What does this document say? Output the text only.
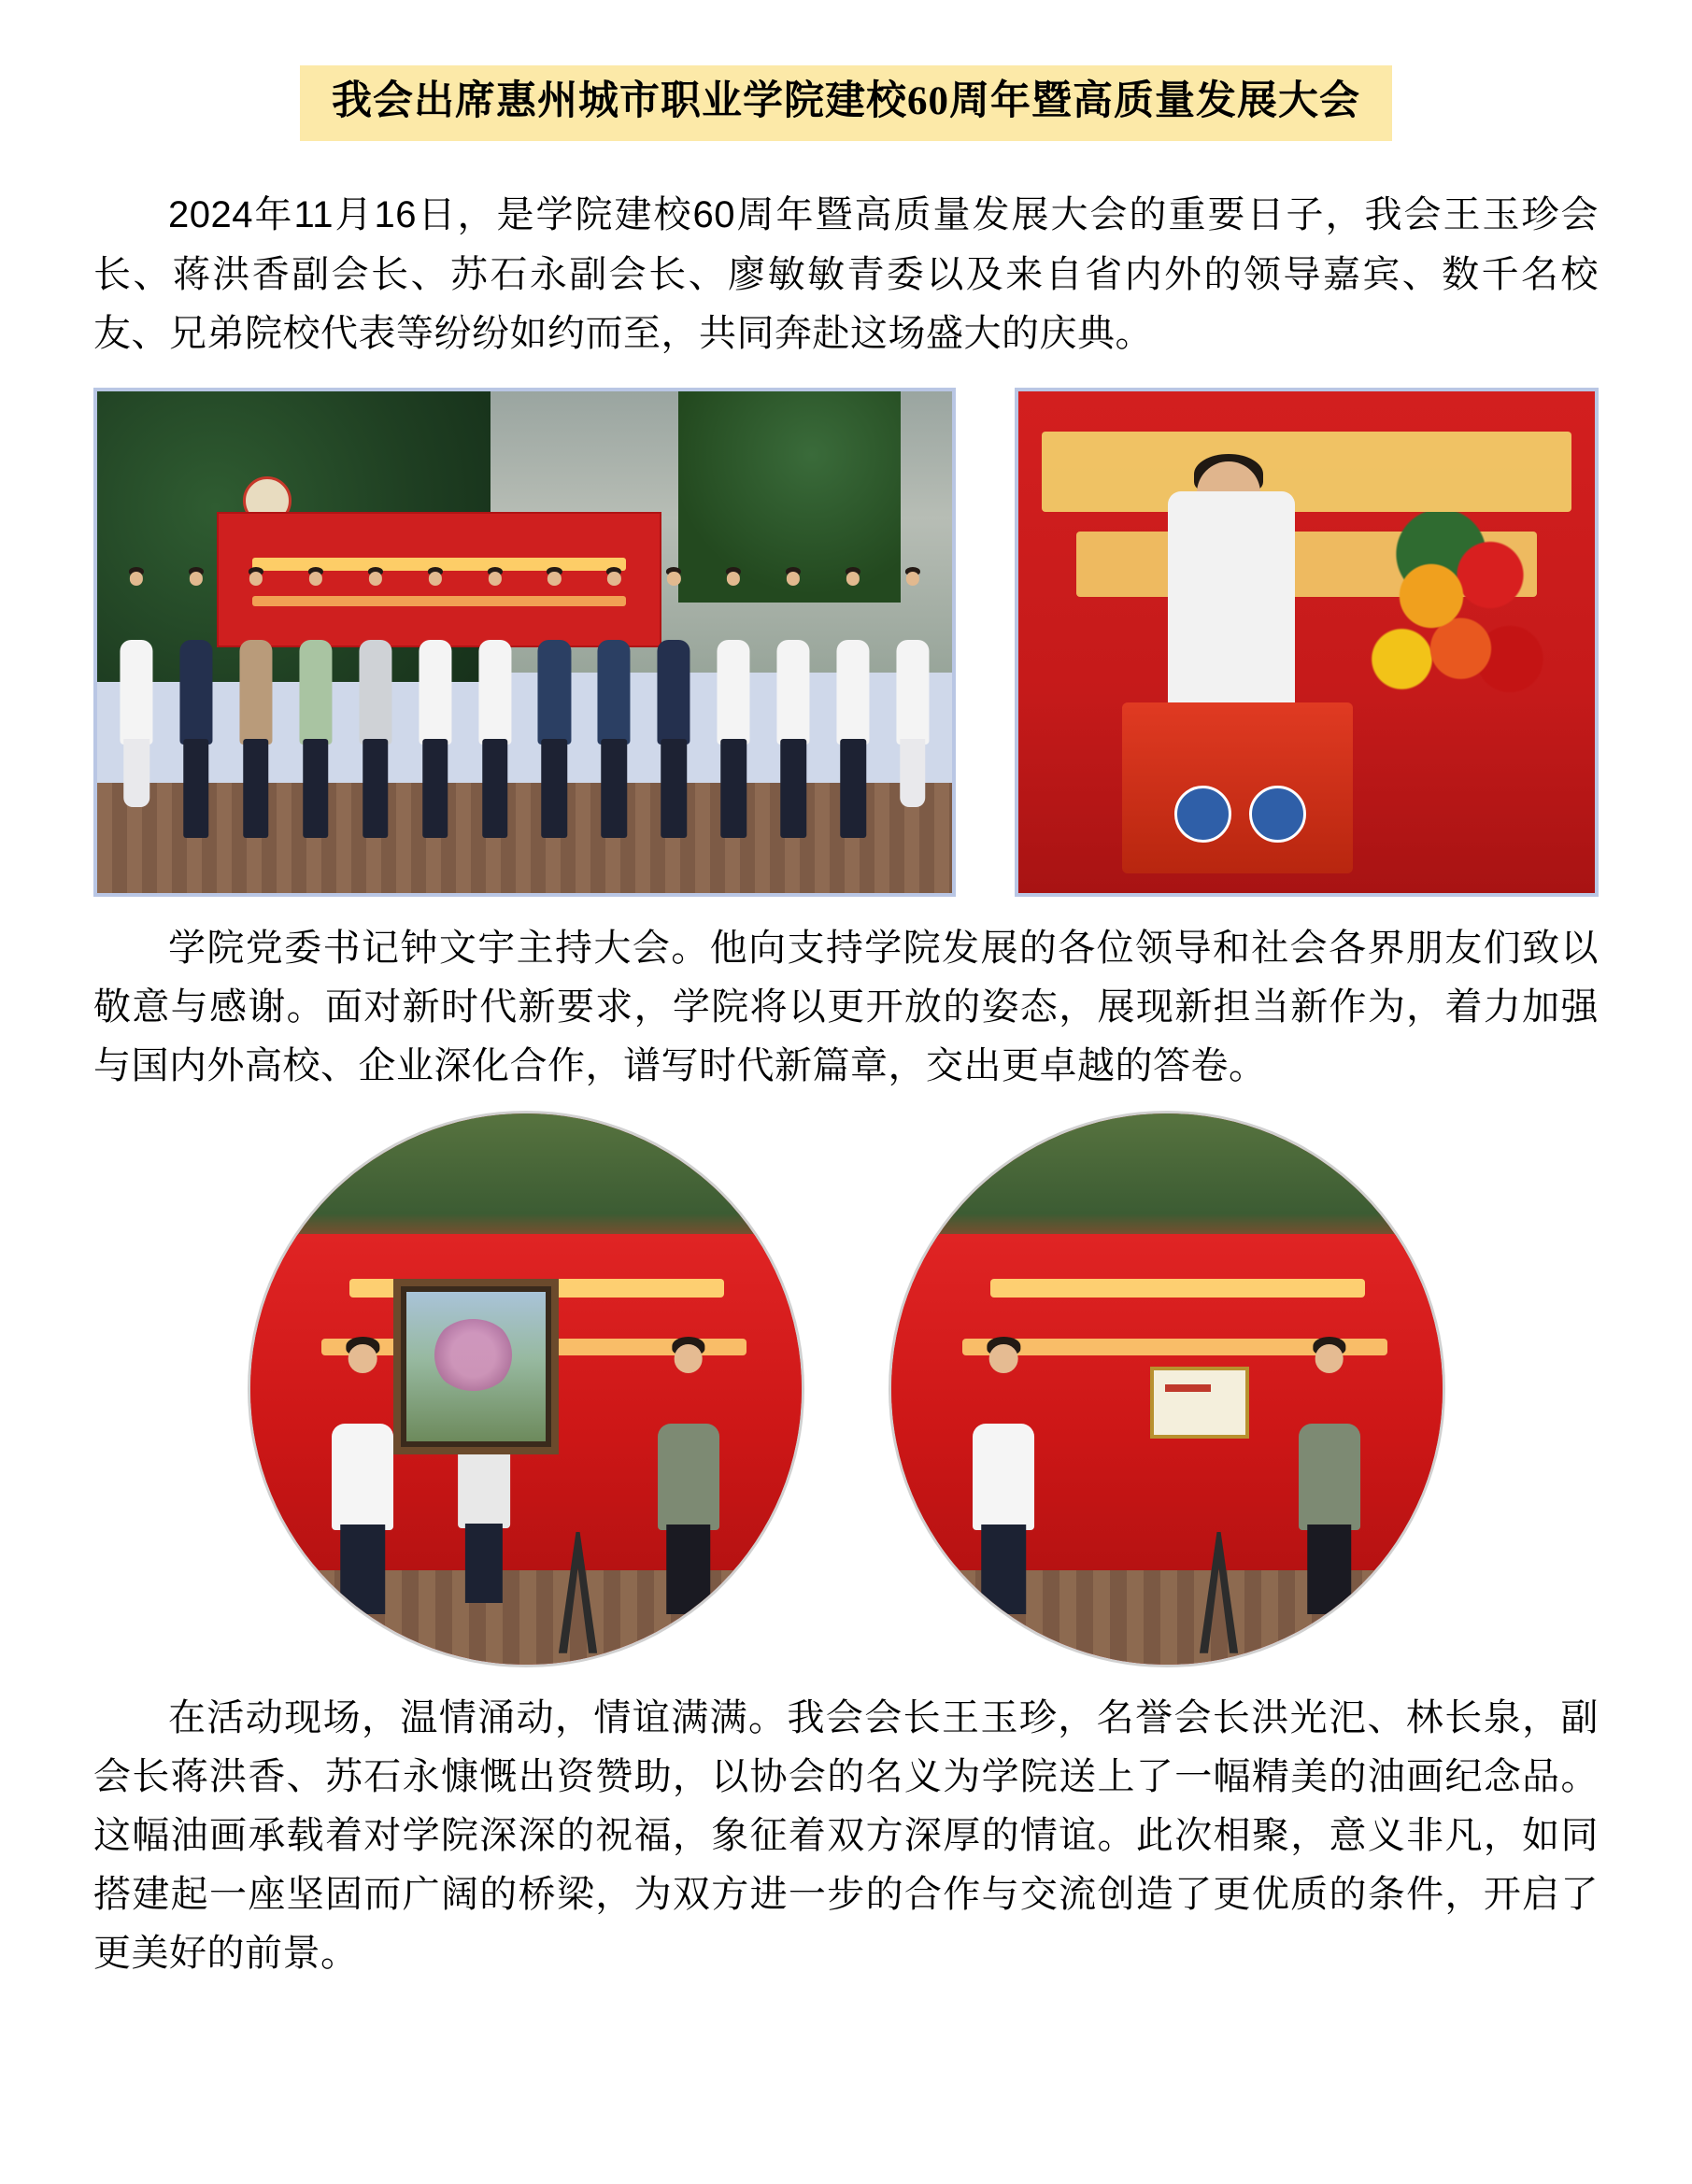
我会出席惠州城市职业学院建校60周年暨高质量发展大会

2024年11月16日，是学院建校60周年暨高质量发展大会的重要日子，我会王玉珍会长、蒋洪香副会长、苏石永副会长、廖敏敏青委以及来自省内外的领导嘉宾、数千名校友、兄弟院校代表等纷纷如约而至，共同奔赴这场盛大的庆典。

学院党委书记钟文宇主持大会。他向支持学院发展的各位领导和社会各界朋友们致以敬意与感谢。面对新时代新要求，学院将以更开放的姿态，展现新担当新作为，着力加强与国内外高校、企业深化合作，谱写时代新篇章，交出更卓越的答卷。

在活动现场，温情涌动，情谊满满。我会会长王玉珍，名誉会长洪光汜、林长泉，副会长蒋洪香、苏石永慷慨出资赞助，以协会的名义为学院送上了一幅精美的油画纪念品。这幅油画承载着对学院深深的祝福，象征着双方深厚的情谊。此次相聚，意义非凡，如同搭建起一座坚固而广阔的桥梁，为双方进一步的合作与交流创造了更优质的条件，开启了更美好的前景。
